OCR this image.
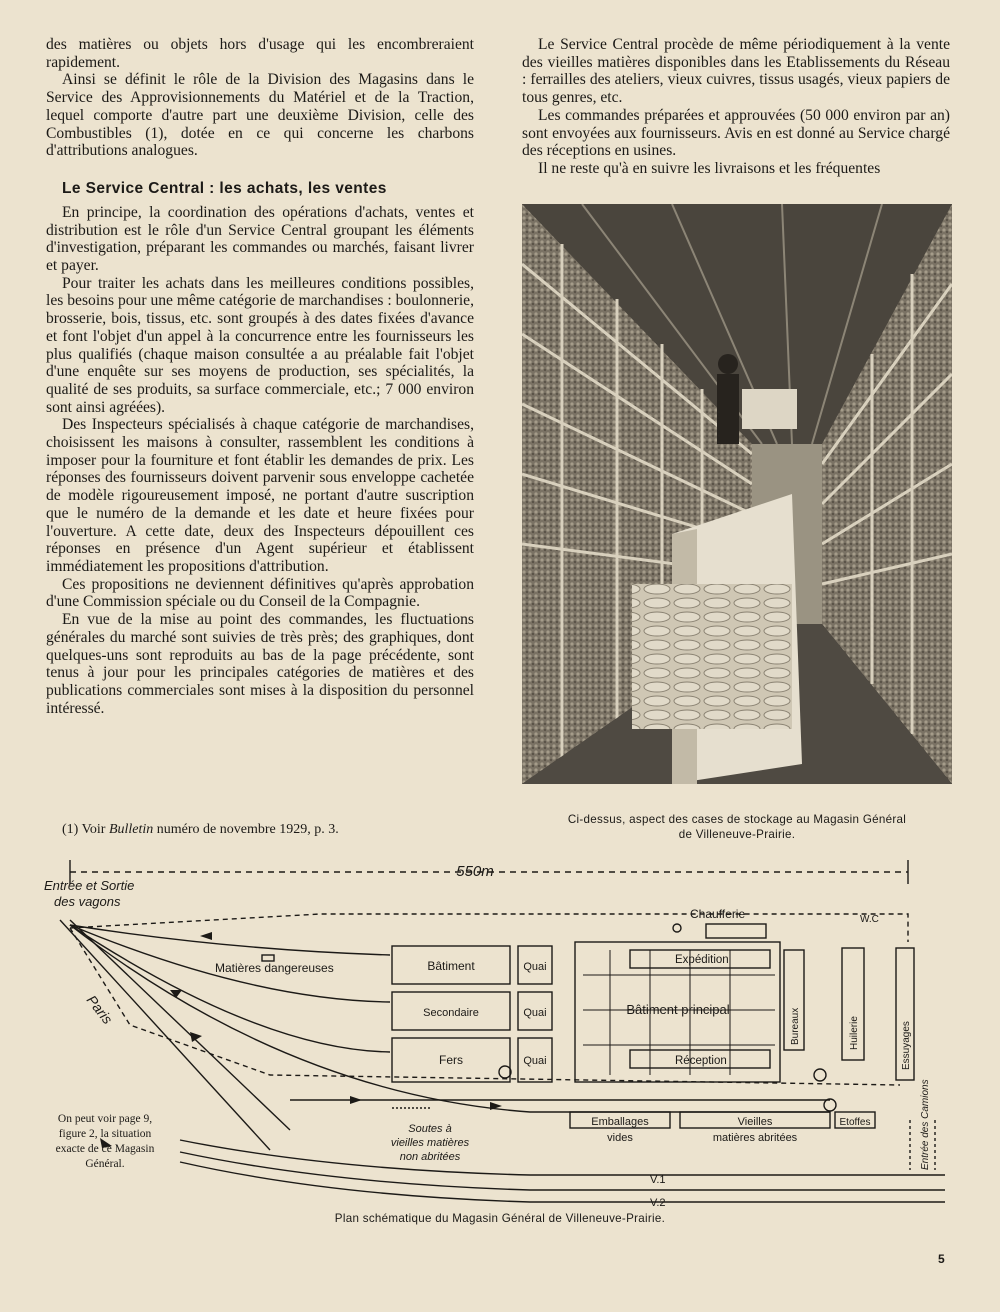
des matières ou objets hors d'usage qui les encombreraient rapidement.

Ainsi se définit le rôle de la Division des Magasins dans le Service des Approvisionnements du Matériel et de la Traction, lequel comporte d'autre part une deuxième Division, celle des Combustibles (1), dotée en ce qui concerne les charbons d'attributions analogues.

Le Service Central : les achats, les ventes

En principe, la coordination des opérations d'achats, ventes et distribution est le rôle d'un Service Central groupant les éléments d'investigation, préparant les commandes ou marchés, faisant livrer et payer.

Pour traiter les achats dans les meilleures conditions possibles, les besoins pour une même catégorie de marchandises : boulonnerie, brosserie, bois, tissus, etc. sont groupés à des dates fixées d'avance et font l'objet d'un appel à la concurrence entre les fournisseurs les plus qualifiés (chaque maison consultée a au préalable fait l'objet d'une enquête sur ses moyens de production, ses spécialités, la qualité de ses produits, sa surface commerciale, etc.; 7 000 environ sont ainsi agréées).

Des Inspecteurs spécialisés à chaque catégorie de marchandises, choisissent les maisons à consulter, rassemblent les conditions à imposer pour la fourniture et font établir les demandes de prix. Les réponses des fournisseurs doivent parvenir sous enveloppe cachetée de modèle rigoureusement imposé, ne portant d'autre suscription que le numéro de la demande et les date et heure fixées pour l'ouverture. A cette date, deux des Inspecteurs dépouillent ces réponses en présence d'un Agent supérieur et établissent immédiatement les propositions d'attribution.

Ces propositions ne deviennent définitives qu'après approbation d'une Commission spéciale ou du Conseil de la Compagnie.

En vue de la mise au point des commandes, les fluctuations générales du marché sont suivies de très près; des graphiques, dont quelques-uns sont reproduits au bas de la page précédente, sont tenus à jour pour les principales catégories de matières et des publications commerciales sont mises à la disposition du personnel intéressé.

(1) Voir Bulletin numéro de novembre 1929, p. 3.

Le Service Central procède de même périodiquement à la vente des vieilles matières disponibles dans les Etablissements du Réseau : ferrailles des ateliers, vieux cuivres, tissus usagés, vieux papiers de tous genres, etc.

Les commandes préparées et approuvées (50 000 environ par an) sont envoyées aux fournisseurs. Avis en est donné au Service chargé des réceptions en usines.

Il ne reste qu'à en suivre les livraisons et les fréquentes

Ci-dessus, aspect des cases de stockage au Magasin Général
de Villeneuve-Prairie.
550m
Entrée et Sortie
des vagons
Paris
Chaufferie	W.C
Matières dangereuses	Bâtiment
Secondaire
Fers
Quai
Quai
Quai
Expédition
Bâtiment principal
Réception
Bureaux	Huilerie	Essuyages
Entrée des Camions
Soutes à
vieilles matières
non abritées
Emballages
vides
Vieilles
matières abritées
Etoffes
V.1
V.2
On peut voir page 9,
figure 2, la situation
exacte de ce Magasin
Général.
Plan schématique du Magasin Général de Villeneuve-Prairie.
5
